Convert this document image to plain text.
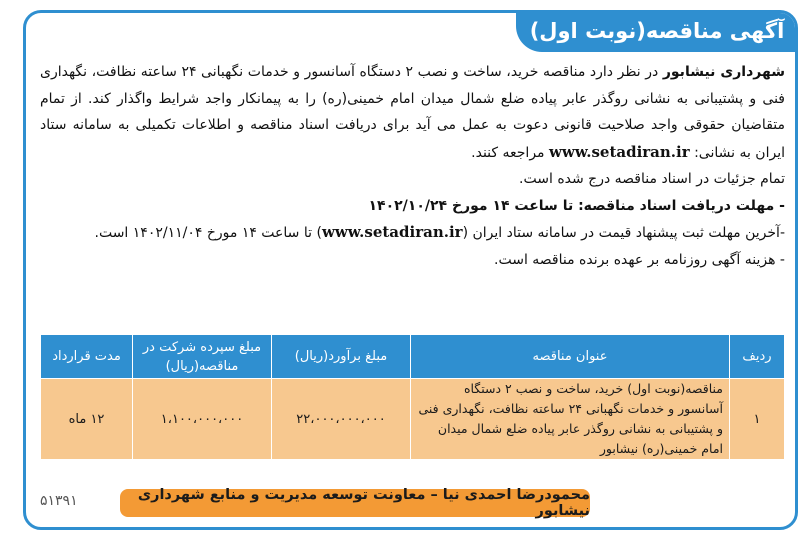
آگهی مناقصه(نوبت اول)

شهرداری نیشابور در نظر دارد مناقصه خرید، ساخت و نصب ۲ دستگاه آسانسور و خدمات نگهبانی ۲۴ ساعته نظافت، نگهداری فنی و پشتیبانی به نشانی روگذر عابر پیاده ضلع شمال میدان امام خمینی(ره) را به پیمانکار واجد شرایط واگذار کند. از تمام متقاضیان حقوقی واجد صلاحیت قانونی دعوت به عمل می آید برای دریافت اسناد مناقصه و اطلاعات تکمیلی به سامانه ستاد ایران به نشانی: www.setadiran.ir مراجعه کنند.

تمام جزئیات در اسناد مناقصه درج شده است.

- مهلت دریافت اسناد مناقصه: تا ساعت ۱۴ مورخ ۱۴۰۲/۱۰/۲۴

-آخرین مهلت ثبت پیشنهاد قیمت در سامانه ستاد ایران (www.setadiran.ir) تا ساعت ۱۴ مورخ ۱۴۰۲/۱۱/۰۴ است.

- هزینه آگهی روزنامه بر عهده برنده مناقصه است.

ردیف	عنوان مناقصه	مبلغ برآورد(ریال)	مبلغ سپرده شرکت در مناقصه(ریال)	مدت قرارداد
۱	مناقصه(نوبت اول) خرید، ساخت و نصب ۲ دستگاه آسانسور و خدمات نگهبانی ۲۴ ساعته نظافت، نگهداری فنی و پشتیبانی به نشانی روگذر عابر پیاده ضلع شمال میدان امام خمینی(ره) نیشابور	۲۲،۰۰۰،۰۰۰،۰۰۰	۱،۱۰۰،۰۰۰،۰۰۰	۱۲ ماه
محمودرضا احمدی نیا – معاونت توسعه مدیریت و منابع شهرداری نیشابور
۵۱۳۹۱
